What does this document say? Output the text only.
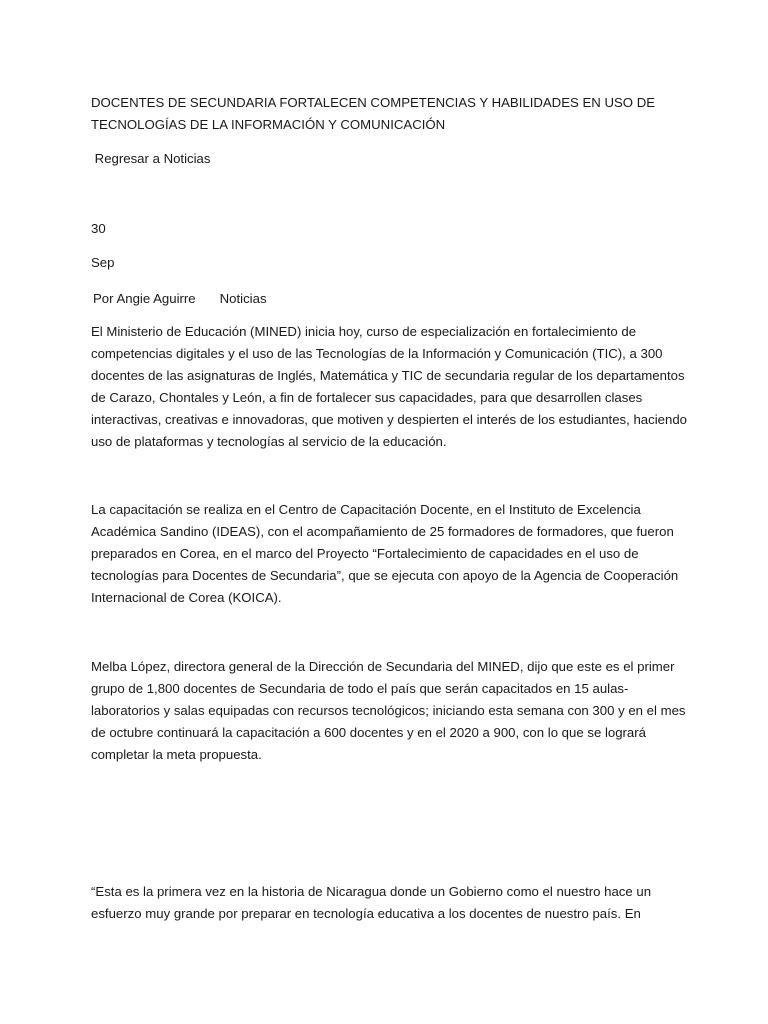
DOCENTES DE SECUNDARIA FORTALECEN COMPETENCIAS Y HABILIDADES EN USO DE TECNOLOGÍAS DE LA INFORMACIÓN Y COMUNICACIÓN

Regresar a Noticias

30

Sep

Por Angie Aguirre Noticias

El Ministerio de Educación (MINED) inicia hoy, curso de especialización en fortalecimiento de competencias digitales y el uso de las Tecnologías de la Información y Comunicación (TIC), a 300 docentes de las asignaturas de Inglés, Matemática y TIC de secundaria regular de los departamentos de Carazo, Chontales y León, a fin de fortalecer sus capacidades, para que desarrollen clases interactivas, creativas e innovadoras, que motiven y despierten el interés de los estudiantes, haciendo uso de plataformas y tecnologías al servicio de la educación.

La capacitación se realiza en el Centro de Capacitación Docente, en el Instituto de Excelencia Académica Sandino (IDEAS), con el acompañamiento de 25 formadores de formadores, que fueron preparados en Corea, en el marco del Proyecto “Fortalecimiento de capacidades en el uso de tecnologías para Docentes de Secundaria”, que se ejecuta con apoyo de la Agencia de Cooperación Internacional de Corea (KOICA).

Melba López, directora general de la Dirección de Secundaria del MINED, dijo que este es el primer grupo de 1,800 docentes de Secundaria de todo el país que serán capacitados en 15 aulas-laboratorios y salas equipadas con recursos tecnológicos; iniciando esta semana con 300 y en el mes de octubre continuará la capacitación a 600 docentes y en el 2020 a 900, con lo que se logrará completar la meta propuesta.

“Esta es la primera vez en la historia de Nicaragua donde un Gobierno como el nuestro hace un esfuerzo muy grande por preparar en tecnología educativa a los docentes de nuestro país. En
